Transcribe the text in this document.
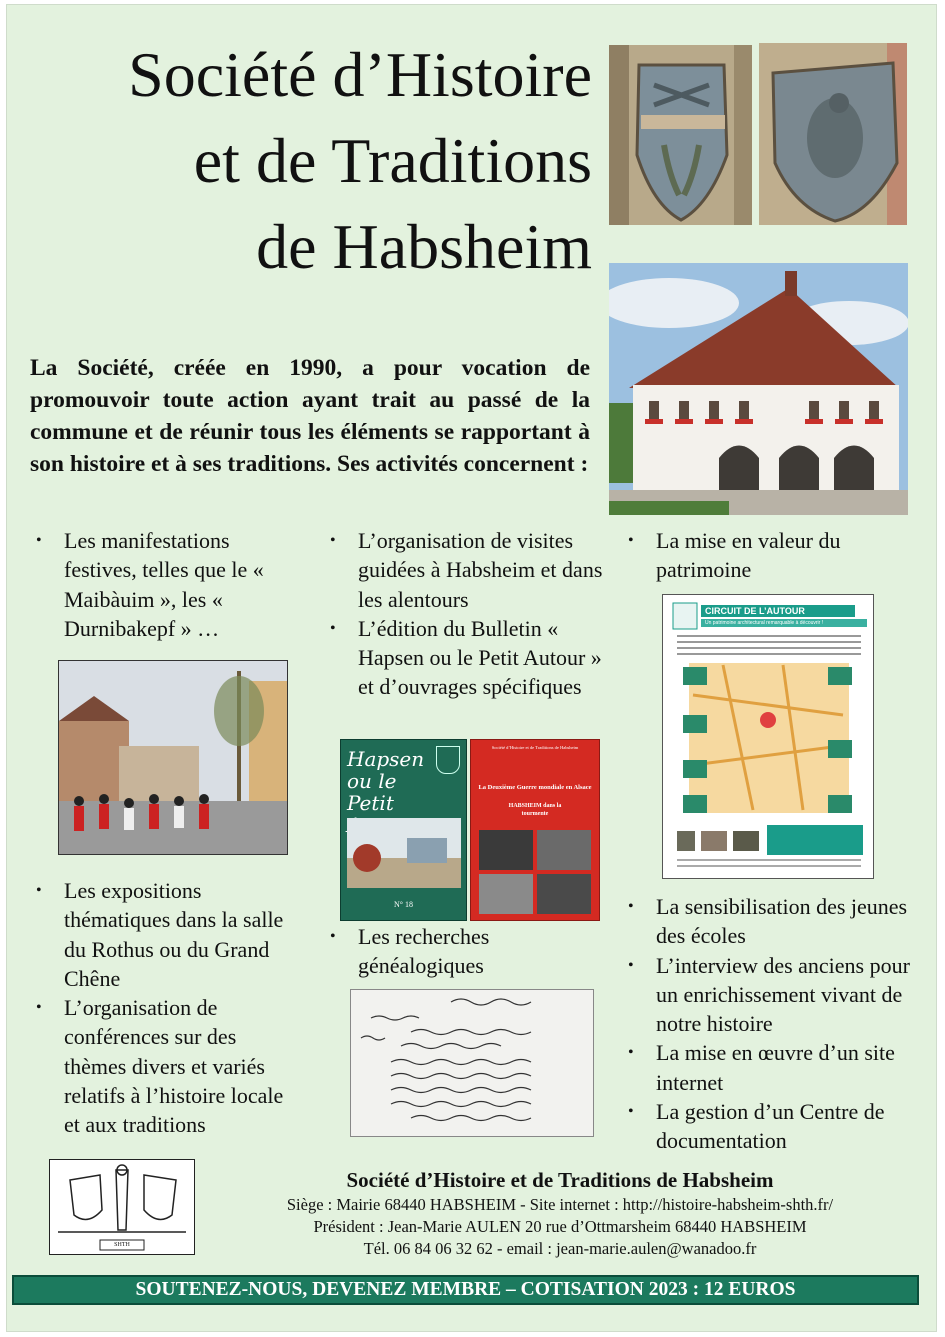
Société d’Histoire
et de Traditions
de Habsheim

La Société, créée en 1990, a pour vocation de promouvoir toute action ayant trait au passé de la commune et de réunir tous les éléments se rapportant à son histoire et à ses traditions. Ses activités concernent :

• Les manifestations festives, telles que le « Maibàuim », les « Durnibakepf » …
• Les expositions thématiques dans la salle du Rothus ou du Grand Chêne
• L’organisation de conférences sur des thèmes divers et variés relatifs à l’histoire locale et aux traditions
• L’organisation de visites guidées à Habsheim et dans les alentours
• L’édition du Bulletin « Hapsen ou le Petit Autour » et d’ouvrages spécifiques
Hapsen ou le Petit
N° 18
Société d’Histoire et de Traditions de Habsheim
La Deuxième Guerre mondiale en Alsace
HABSHEIM dans la tourmente
• Les recherches généalogiques
• La mise en valeur du patrimoine
CIRCUIT DE L’AUTOUR
Un patrimoine architectural remarquable à découvrir !
• La sensibilisation des jeunes des écoles
• L’interview des anciens pour un enrichissement vivant de notre histoire
• La mise en œuvre d’un site internet
• La gestion d’un Centre de documentation
SHTH
Société d’Histoire et de Traditions de Habsheim
Siège : Mairie 68440 HABSHEIM - Site internet : http://histoire-habsheim-shth.fr/
Président : Jean-Marie AULEN 20 rue d’Ottmarsheim 68440 HABSHEIM
Tél. 06 84 06 32 62 - email : jean-marie.aulen@wanadoo.fr
SOUTENEZ-NOUS, DEVENEZ MEMBRE – COTISATION 2023 : 12 EUROS
